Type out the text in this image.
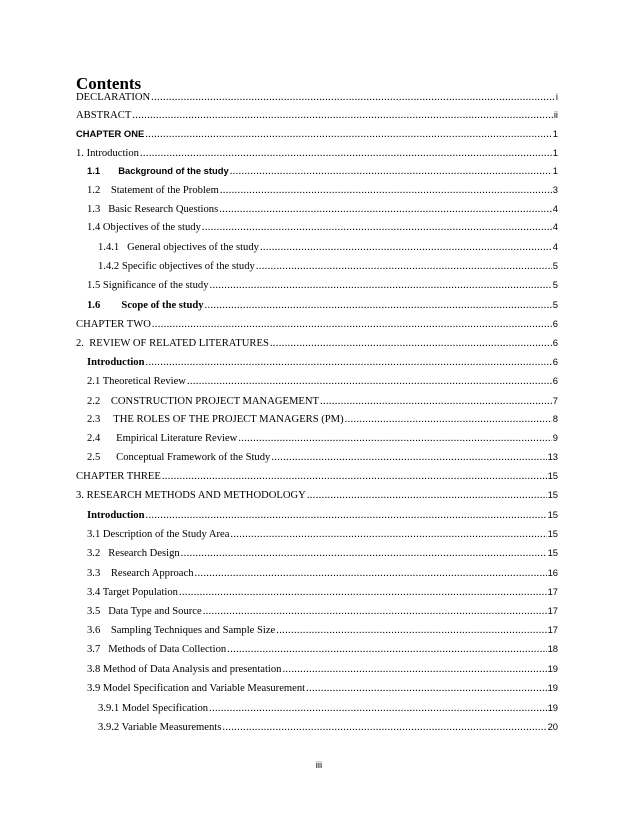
Contents
DECLARATION .....	i
ABSTRACT .....	ii
CHAPTER ONE .....	1
1. Introduction .....	1
1.1       Background of the study .....	1
1.2    Statement of the Problem .....	3
1.3   Basic Research Questions .....	4
1.4 Objectives of the study .....	4
1.4.1   General objectives of the study .....	4
1.4.2 Specific objectives of the study .....	5
1.5 Significance of the study .....	5
1.6        Scope of the study .....	5
CHAPTER TWO .....	6
2.  REVIEW OF RELATED LITERATURES .....	6
Introduction .....	6
2.1 Theoretical Review .....	6
2.2    CONSTRUCTION PROJECT MANAGEMENT .....	7
2.3     THE ROLES OF THE PROJECT MANAGERS (PM) .....	8
2.4      Empirical Literature Review .....	9
2.5      Conceptual Framework of the Study .....	13
CHAPTER THREE .....	15
3. RESEARCH METHODS AND METHODOLOGY .....	15
Introduction .....	15
3.1 Description of the Study Area .....	15
3.2   Research Design .....	15
3.3    Research Approach .....	16
3.4 Target Population .....	17
3.5   Data Type and Source .....	17
3.6    Sampling Techniques and Sample Size .....	17
3.7   Methods of Data Collection .....	18
3.8 Method of Data Analysis and presentation .....	19
3.9 Model Specification and Variable Measurement .....	19
3.9.1 Model Specification .....	19
3.9.2 Variable Measurements .....	20
iii
